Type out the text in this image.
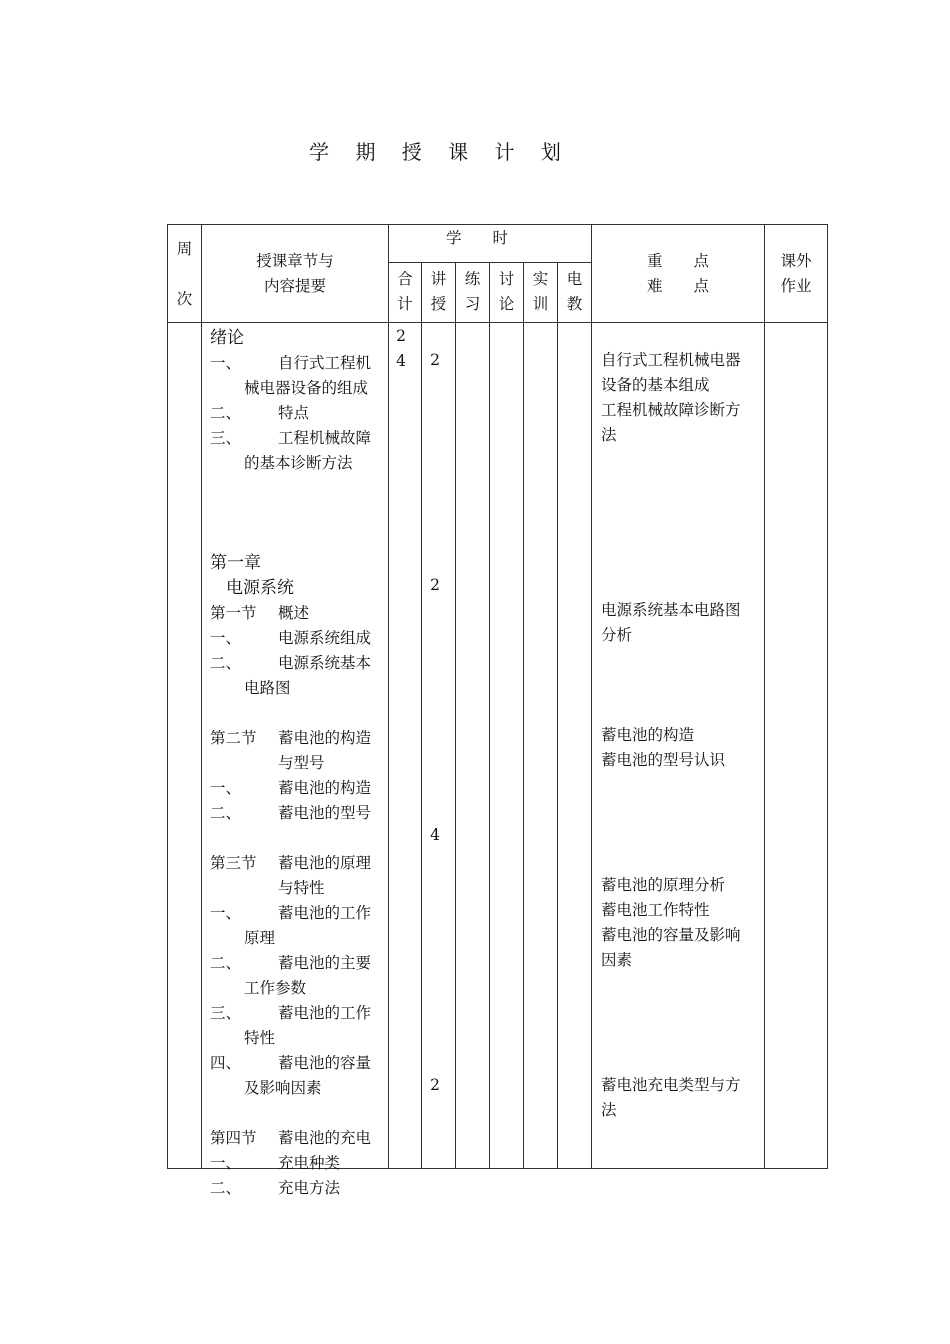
学 期 授 课 计 划
周
次
授课章节与
内容提要
学　　时
合
计
讲
授
练
习
讨
论
实
训
电
教
重　　点
难　　点
课外
作业
绪论
一、 自行式工程机
械电器设备的组成
二、 特点
三、 工程机械故障
的基本诊断方法
第一章
电源系统
第一节 概述
一、 电源系统组成
二、 电源系统基本
电路图
第二节 蓄电池的构造
与型号
一、 蓄电池的构造
二、 蓄电池的型号
第三节 蓄电池的原理
与特性
一、 蓄电池的工作
原理
二、 蓄电池的主要
工作参数
三、 蓄电池的工作
特性
四、 蓄电池的容量
及影响因素
第四节 蓄电池的充电
一、 充电种类
二、 充电方法
2
4	2
2
4
2
自行式工程机械电器
设备的基本组成
工程机械故障诊断方
法
电源系统基本电路图
分析
蓄电池的构造
蓄电池的型号认识
蓄电池的原理分析
蓄电池工作特性
蓄电池的容量及影响
因素
蓄电池充电类型与方
法
